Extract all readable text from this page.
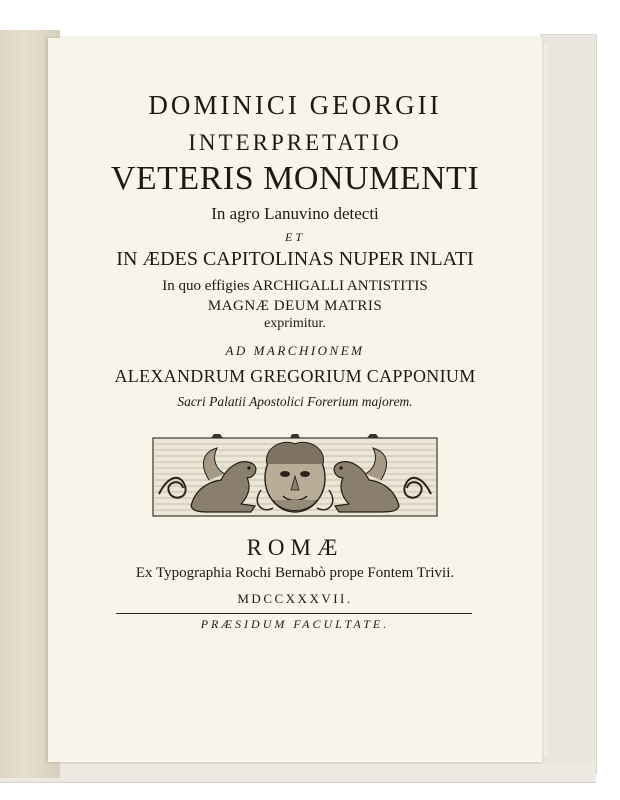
DOMINICI GEORGII
INTERPRETATIO
VETERIS MONUMENTI
In agro Lanuvino detecti
ET
IN ÆDES CAPITOLINAS NUPER INLATI
In quo effigies ARCHIGALLI ANTISTITIS
MAGNÆ DEUM MATRIS
exprimitur.
AD MARCHIONEM
ALEXANDRUM GREGORIUM CAPPONIUM
Sacri Palatii Apostolici Forerium majorem.
ROMÆ
Ex Typographia Rochi Bernabò prope Fontem Trivii.
MDCCXXXVII.
PRÆSIDUM FACULTATE.
